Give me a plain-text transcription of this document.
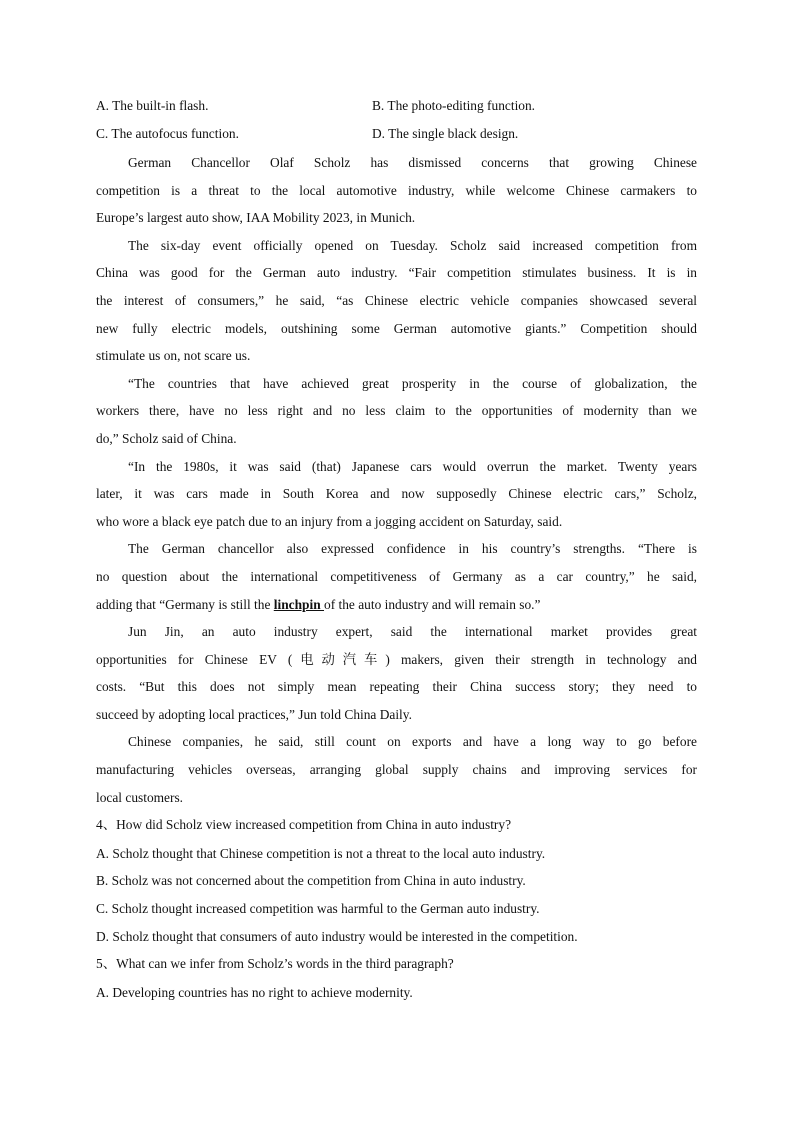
A. The built-in flash.	B. The photo-editing function.
C. The autofocus function.	D. The single black design.
German Chancellor Olaf Scholz has dismissed concerns that growing Chinese
competition is a threat to the local automotive industry, while welcome Chinese carmakers to
Europe’s largest auto show, IAA Mobility 2023, in Munich.
The six-day event officially opened on Tuesday. Scholz said increased competition from
China was good for the German auto industry. “Fair competition stimulates business. It is in
the interest of consumers,” he said, “as Chinese electric vehicle companies showcased several
new fully electric models, outshining some German automotive giants.” Competition should
stimulate us on, not scare us.
“The countries that have achieved great prosperity in the course of globalization, the
workers there, have no less right and no less claim to the opportunities of modernity than we
do,” Scholz said of China.
“In the 1980s, it was said (that) Japanese cars would overrun the market. Twenty years
later, it was cars made in South Korea and now supposedly Chinese electric cars,” Scholz,
who wore a black eye patch due to an injury from a jogging accident on Saturday, said.
The German chancellor also expressed confidence in his country’s strengths. “There is
no question about the international competitiveness of Germany as a car country,” he said,
adding that “Germany is still the linchpin of the auto industry and will remain so.”
Jun Jin, an auto industry expert, said the international market provides great
opportunities for Chinese EV (电动汽车) makers, given their strength in technology and
costs. “But this does not simply mean repeating their China success story; they need to
succeed by adopting local practices,” Jun told China Daily.
Chinese companies, he said, still count on exports and have a long way to go before
manufacturing vehicles overseas, arranging global supply chains and improving services for
local customers.
4、How did Scholz view increased competition from China in auto industry?
A. Scholz thought that Chinese competition is not a threat to the local auto industry.
B. Scholz was not concerned about the competition from China in auto industry.
C. Scholz thought increased competition was harmful to the German auto industry.
D. Scholz thought that consumers of auto industry would be interested in the competition.
5、What can we infer from Scholz’s words in the third paragraph?
A. Developing countries has no right to achieve modernity.
